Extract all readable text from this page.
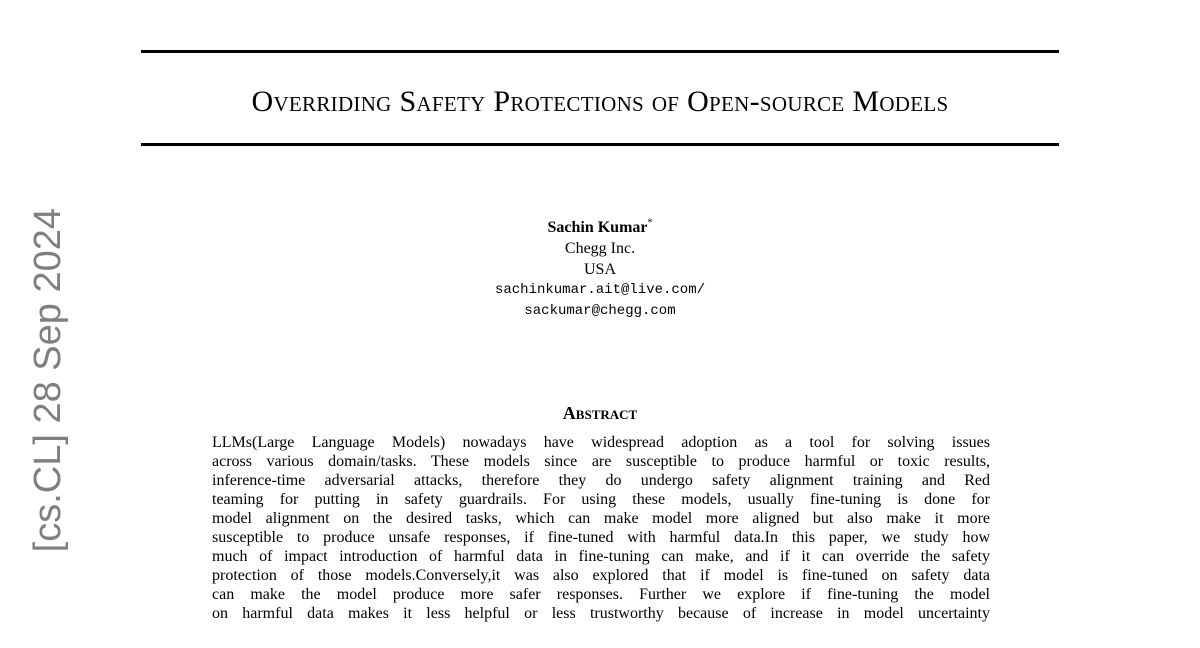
Overriding Safety Protections of Open-source Models
Sachin Kumar*
Chegg Inc.
USA
sachinkumar.ait@live.com/
sackumar@chegg.com
[cs.CL] 28 Sep 2024	Abstract
LLMs(Large Language Models) nowadays have widespread adoption as a tool for solving issues
across various domain/tasks. These models since are susceptible to produce harmful or toxic results,
inference-time adversarial attacks, therefore they do undergo safety alignment training and Red
teaming for putting in safety guardrails. For using these models, usually fine-tuning is done for
model alignment on the desired tasks, which can make model more aligned but also make it more
susceptible to produce unsafe responses, if fine-tuned with harmful data.In this paper, we study how
much of impact introduction of harmful data in fine-tuning can make, and if it can override the safety
protection of those models.Conversely,it was also explored that if model is fine-tuned on safety data
can make the model produce more safer responses. Further we explore if fine-tuning the model
on harmful data makes it less helpful or less trustworthy because of increase in model uncertainty
